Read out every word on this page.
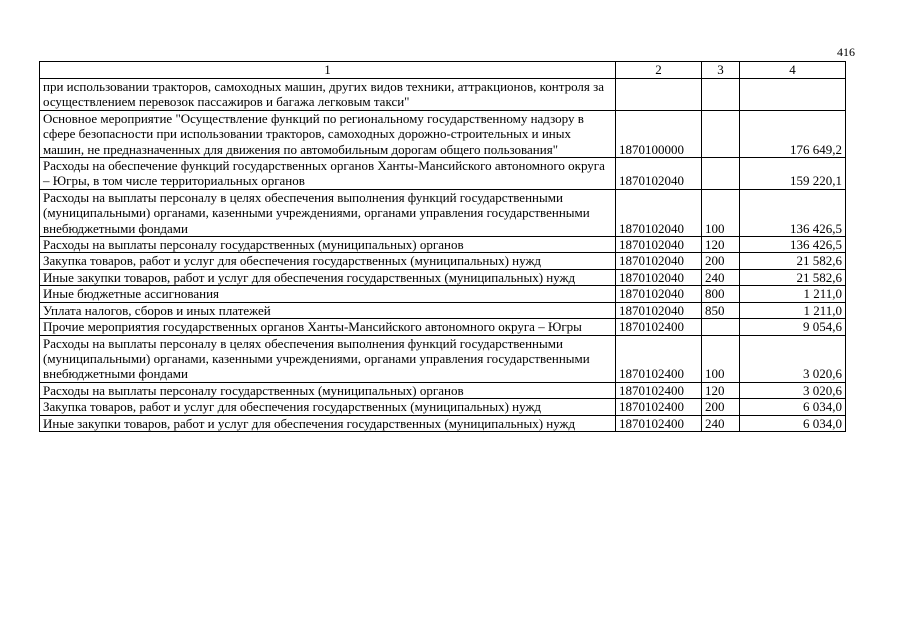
416
1	2	3	4
при использовании тракторов, самоходных машин, других видов техники, аттракционов, контроля за осуществлением перевозок пассажиров и багажа легковым такси"			
Основное мероприятие "Осуществление функций по региональному государственному надзору в сфере безопасности при использовании тракторов, самоходных дорожно-строительных и иных машин, не предназначенных для движения по автомобильным дорогам общего пользования"	1870100000		176 649,2
Расходы на обеспечение функций государственных органов Ханты-Мансийского автономного округа – Югры, в том числе территориальных органов	1870102040		159 220,1
Расходы на выплаты персоналу в целях обеспечения выполнения функций государственными (муниципальными) органами, казенными учреждениями, органами управления государственными внебюджетными фондами	1870102040	100	136 426,5
Расходы на выплаты персоналу государственных (муниципальных) органов	1870102040	120	136 426,5
Закупка товаров, работ и услуг для обеспечения государственных (муниципальных) нужд	1870102040	200	21 582,6
Иные закупки товаров, работ и услуг для обеспечения государственных (муниципальных) нужд	1870102040	240	21 582,6
Иные бюджетные ассигнования	1870102040	800	1 211,0
Уплата налогов, сборов и иных платежей	1870102040	850	1 211,0
Прочие мероприятия государственных органов Ханты-Мансийского автономного округа – Югры	1870102400		9 054,6
Расходы на выплаты персоналу в целях обеспечения выполнения функций государственными (муниципальными) органами, казенными учреждениями, органами управления государственными внебюджетными фондами	1870102400	100	3 020,6
Расходы на выплаты персоналу государственных (муниципальных) органов	1870102400	120	3 020,6
Закупка товаров, работ и услуг для обеспечения государственных (муниципальных) нужд	1870102400	200	6 034,0
Иные закупки товаров, работ и услуг для обеспечения государственных (муниципальных) нужд	1870102400	240	6 034,0
